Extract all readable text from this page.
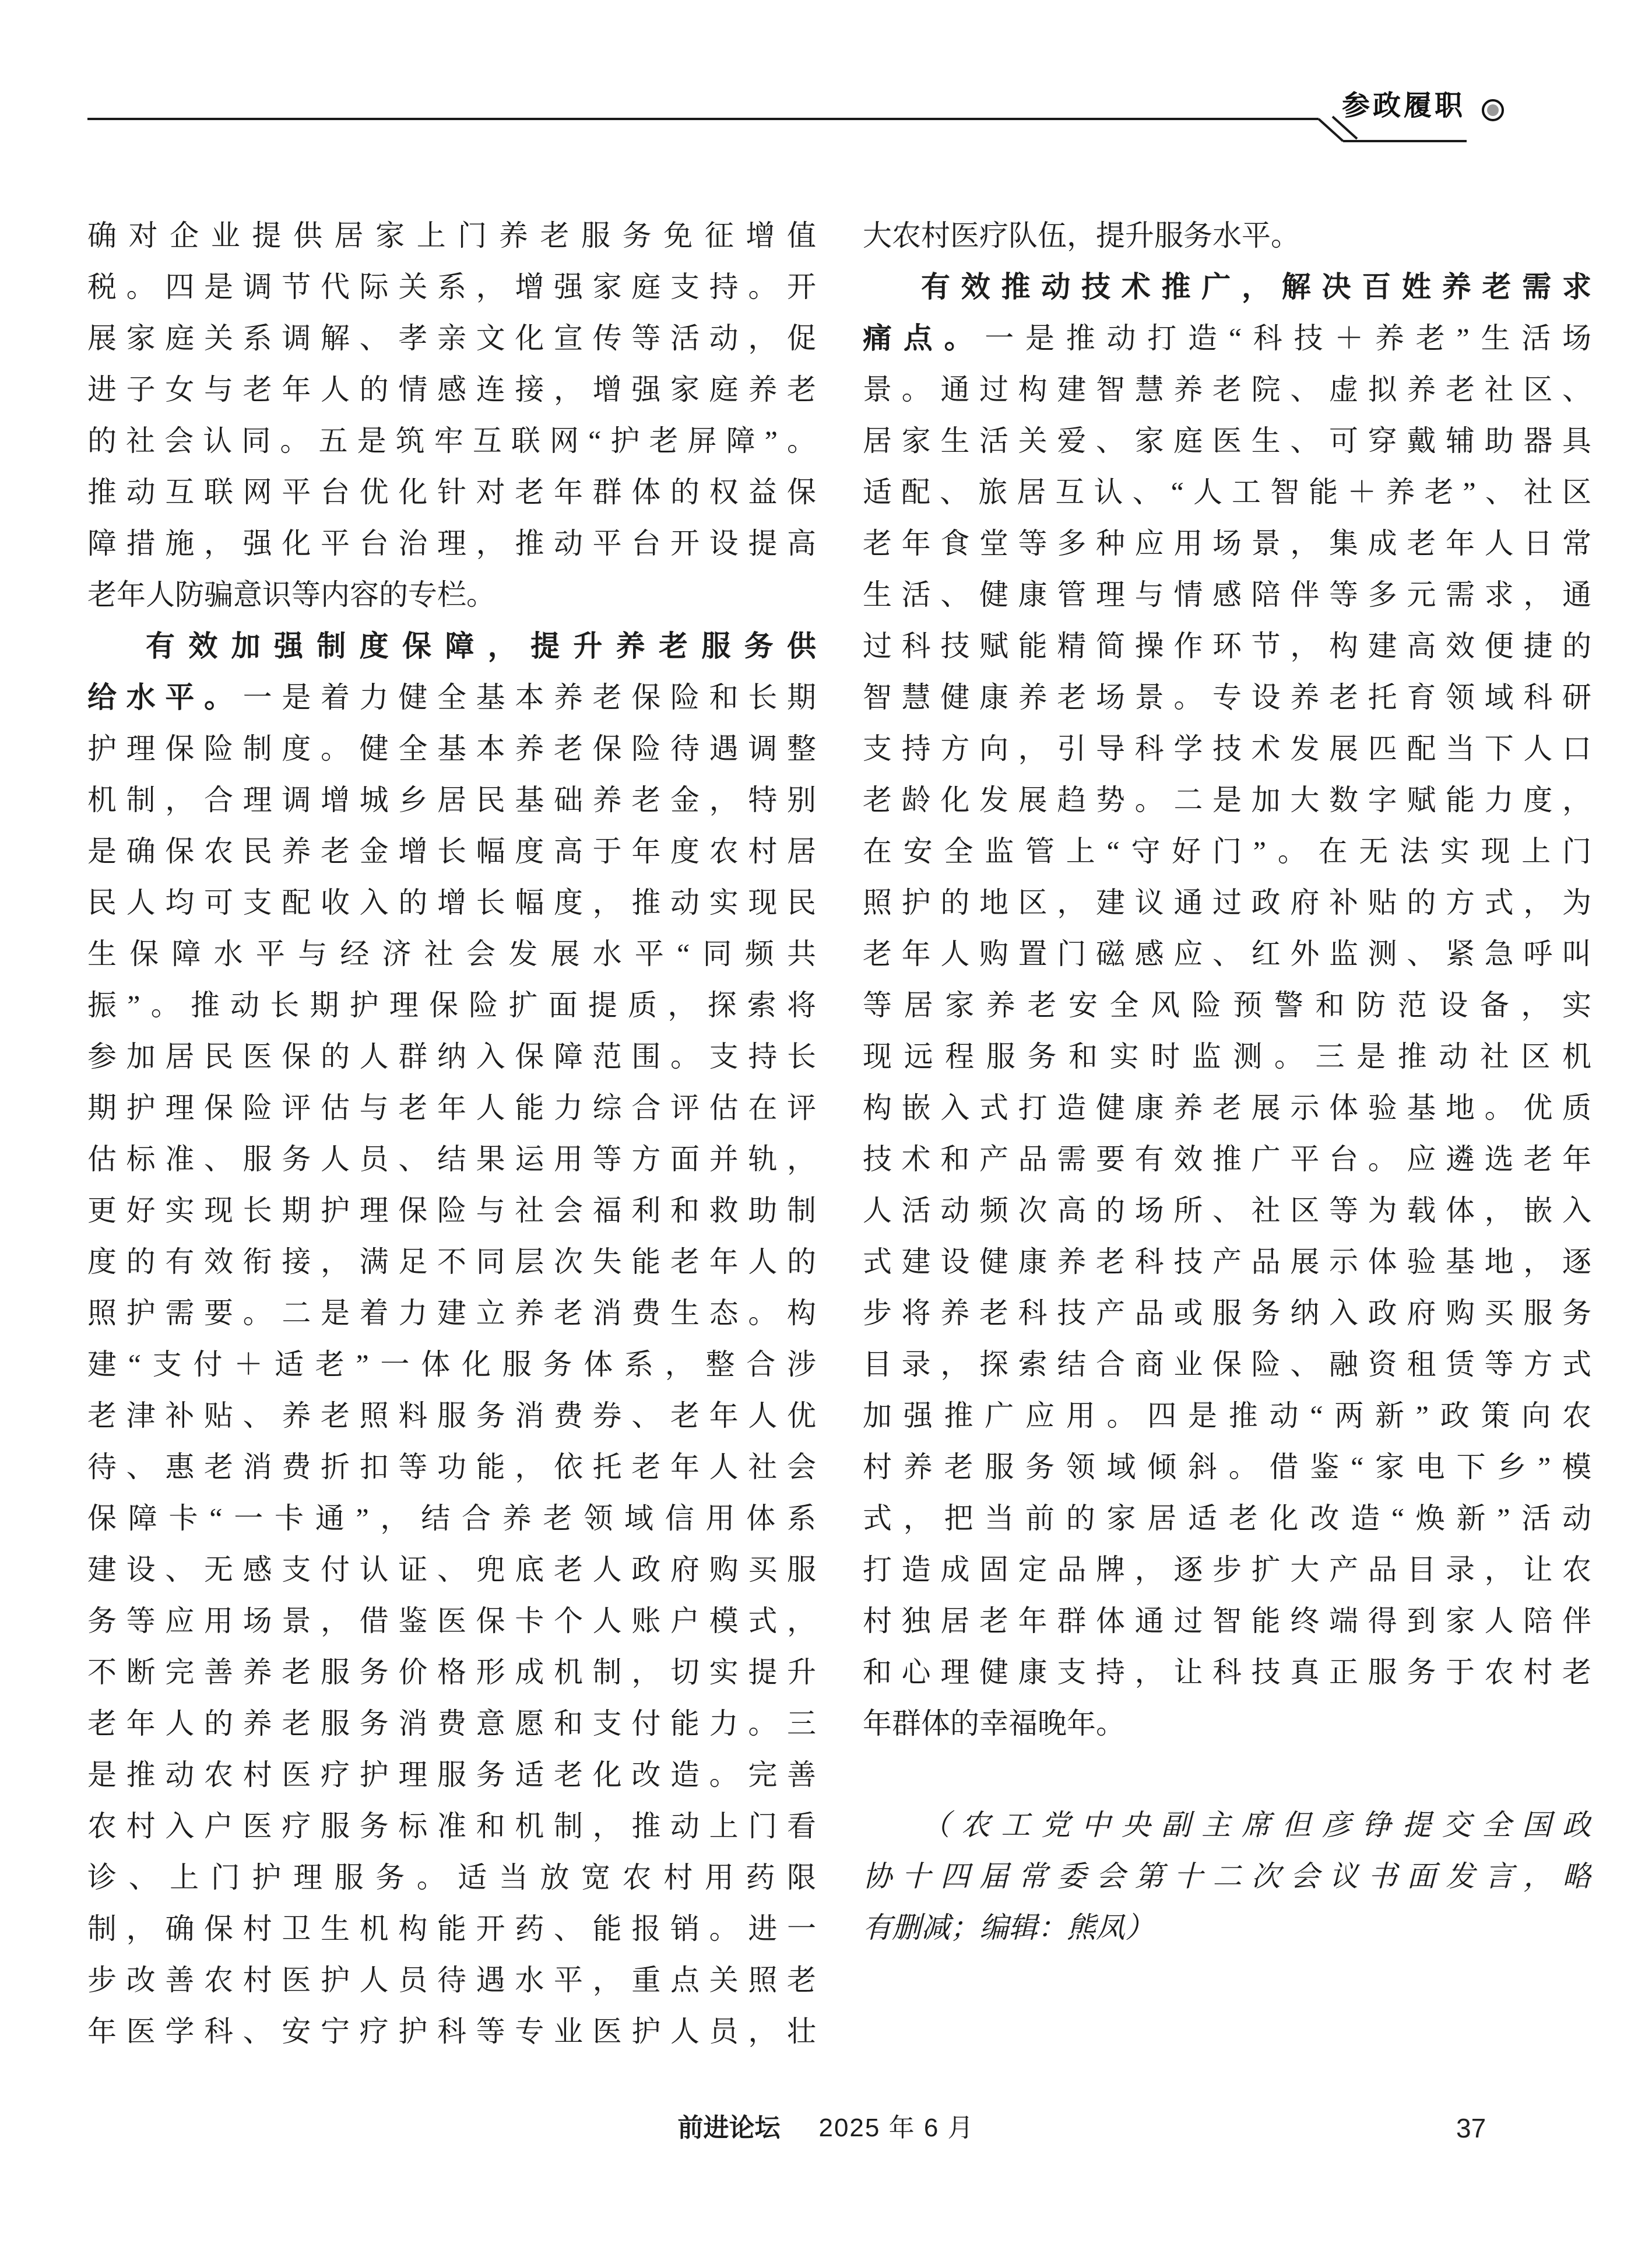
参政履职
确对企业提供居家上门养老服务免征增值
税。四是调节代际关系，增强家庭支持。开
展家庭关系调解、孝亲文化宣传等活动，促
进子女与老年人的情感连接，增强家庭养老
的社会认同。五是筑牢互联网“护老屏障”。
推动互联网平台优化针对老年群体的权益保
障措施，强化平台治理，推动平台开设提高
老年人防骗意识等内容的专栏。
有效加强制度保障，提升养老服务供
给水平。一是着力健全基本养老保险和长期
护理保险制度。健全基本养老保险待遇调整
机制，合理调增城乡居民基础养老金，特别
是确保农民养老金增长幅度高于年度农村居
民人均可支配收入的增长幅度，推动实现民
生保障水平与经济社会发展水平“同频共
振”。推动长期护理保险扩面提质，探索将
参加居民医保的人群纳入保障范围。支持长
期护理保险评估与老年人能力综合评估在评
估标准、服务人员、结果运用等方面并轨，
更好实现长期护理保险与社会福利和救助制
度的有效衔接，满足不同层次失能老年人的
照护需要。二是着力建立养老消费生态。构
建“支付＋适老”一体化服务体系，整合涉
老津补贴、养老照料服务消费券、老年人优
待、惠老消费折扣等功能，依托老年人社会
保障卡“一卡通”，结合养老领域信用体系
建设、无感支付认证、兜底老人政府购买服
务等应用场景，借鉴医保卡个人账户模式，
不断完善养老服务价格形成机制，切实提升
老年人的养老服务消费意愿和支付能力。三
是推动农村医疗护理服务适老化改造。完善
农村入户医疗服务标准和机制，推动上门看
诊、上门护理服务。适当放宽农村用药限
制，确保村卫生机构能开药、能报销。进一
步改善农村医护人员待遇水平，重点关照老
年医学科、安宁疗护科等专业医护人员，壮
大农村医疗队伍，提升服务水平。
有效推动技术推广，解决百姓养老需求
痛点。一是推动打造“科技＋养老”生活场
景。通过构建智慧养老院、虚拟养老社区、
居家生活关爱、家庭医生、可穿戴辅助器具
适配、旅居互认、“人工智能＋养老”、社区
老年食堂等多种应用场景，集成老年人日常
生活、健康管理与情感陪伴等多元需求，通
过科技赋能精简操作环节，构建高效便捷的
智慧健康养老场景。专设养老托育领域科研
支持方向，引导科学技术发展匹配当下人口
老龄化发展趋势。二是加大数字赋能力度，
在安全监管上“守好门”。在无法实现上门
照护的地区，建议通过政府补贴的方式，为
老年人购置门磁感应、红外监测、紧急呼叫
等居家养老安全风险预警和防范设备，实
现远程服务和实时监测。三是推动社区机
构嵌入式打造健康养老展示体验基地。优质
技术和产品需要有效推广平台。应遴选老年
人活动频次高的场所、社区等为载体，嵌入
式建设健康养老科技产品展示体验基地，逐
步将养老科技产品或服务纳入政府购买服务
目录，探索结合商业保险、融资租赁等方式
加强推广应用。四是推动“两新”政策向农
村养老服务领域倾斜。借鉴“家电下乡”模
式，把当前的家居适老化改造“焕新”活动
打造成固定品牌，逐步扩大产品目录，让农
村独居老年群体通过智能终端得到家人陪伴
和心理健康支持，让科技真正服务于农村老
年群体的幸福晚年。
（农工党中央副主席但彦铮提交全国政
协十四届常委会第十二次会议书面发言，略
有删减；编辑：熊凤）
前进论坛 2025 年 6 月	37
